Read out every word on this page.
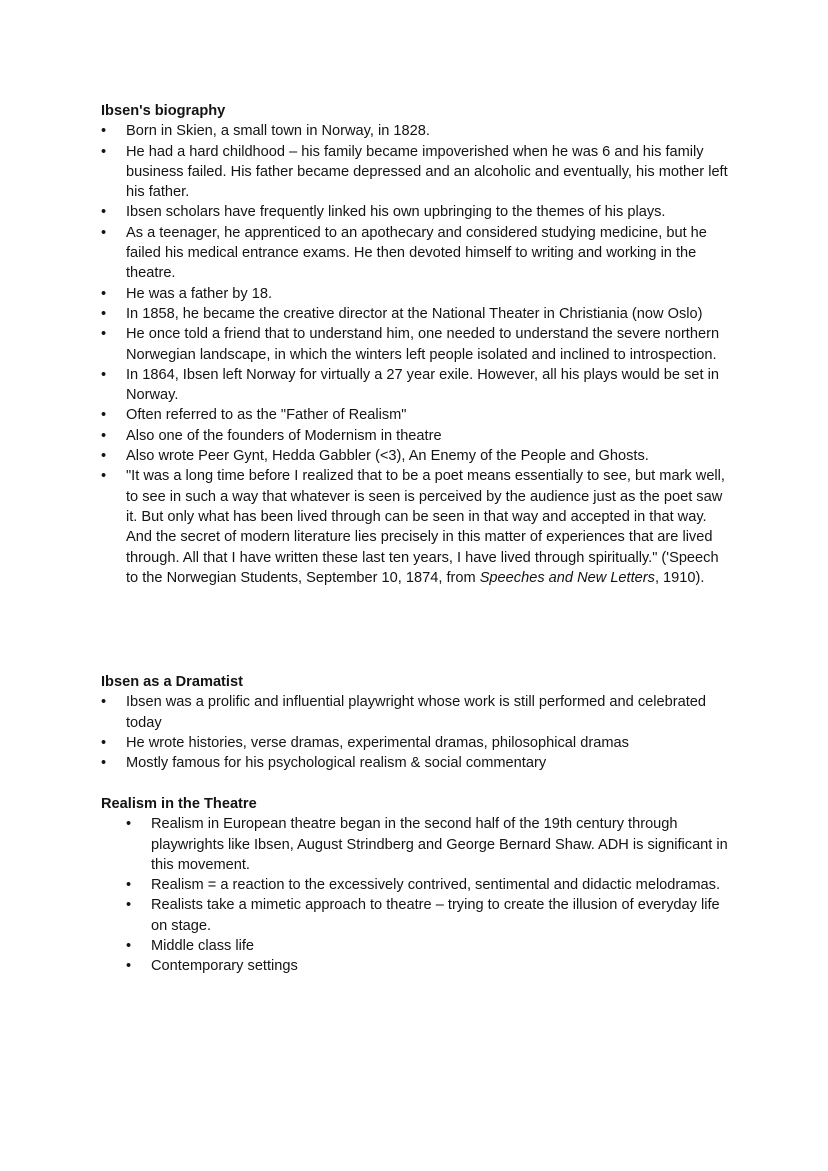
Ibsen's biography

•	Born in Skien, a small town in Norway, in 1828.
•	He had a hard childhood – his family became impoverished when he was 6 and his family business failed. His father became depressed and an alcoholic and eventually, his mother left his father.
•	Ibsen scholars have frequently linked his own upbringing to the themes of his plays.
•	As a teenager, he apprenticed to an apothecary and considered studying medicine, but he failed his medical entrance exams. He then devoted himself to writing and working in the theatre.
•	He was a father by 18.
•	In 1858, he became the creative director at the National Theater in Christiania (now Oslo)
•	He once told a friend that to understand him, one needed to understand the severe northern Norwegian landscape, in which the winters left people isolated and inclined to introspection.
•	In 1864, Ibsen left Norway for virtually a 27 year exile. However, all his plays would be set in Norway.
•	Often referred to as the "Father of Realism"
•	Also one of the founders of Modernism in theatre
•	Also wrote Peer Gynt, Hedda Gabbler (<3), An Enemy of the People and Ghosts.
•	"It was a long time before I realized that to be a poet means essentially to see, but mark well, to see in such a way that whatever is seen is perceived by the audience just as the poet saw it. But only what has been lived through can be seen in that way and accepted in that way. And the secret of modern literature lies precisely in this matter of experiences that are lived through. All that I have written these last ten years, I have lived through spiritually." ('Speech to the Norwegian Students, September 10, 1874, from Speeches and New Letters, 1910).

Ibsen as a Dramatist

•	Ibsen was a prolific and influential playwright whose work is still performed and celebrated today
•	He wrote histories, verse dramas, experimental dramas, philosophical dramas
•	Mostly famous for his psychological realism & social commentary

Realism in the Theatre

•	Realism in European theatre began in the second half of the 19th century through playwrights like Ibsen, August Strindberg and George Bernard Shaw. ADH is significant in this movement.
•	Realism = a reaction to the excessively contrived, sentimental and didactic melodramas.
•	Realists take a mimetic approach to theatre – trying to create the illusion of everyday life on stage.
•	Middle class life
•	Contemporary settings
